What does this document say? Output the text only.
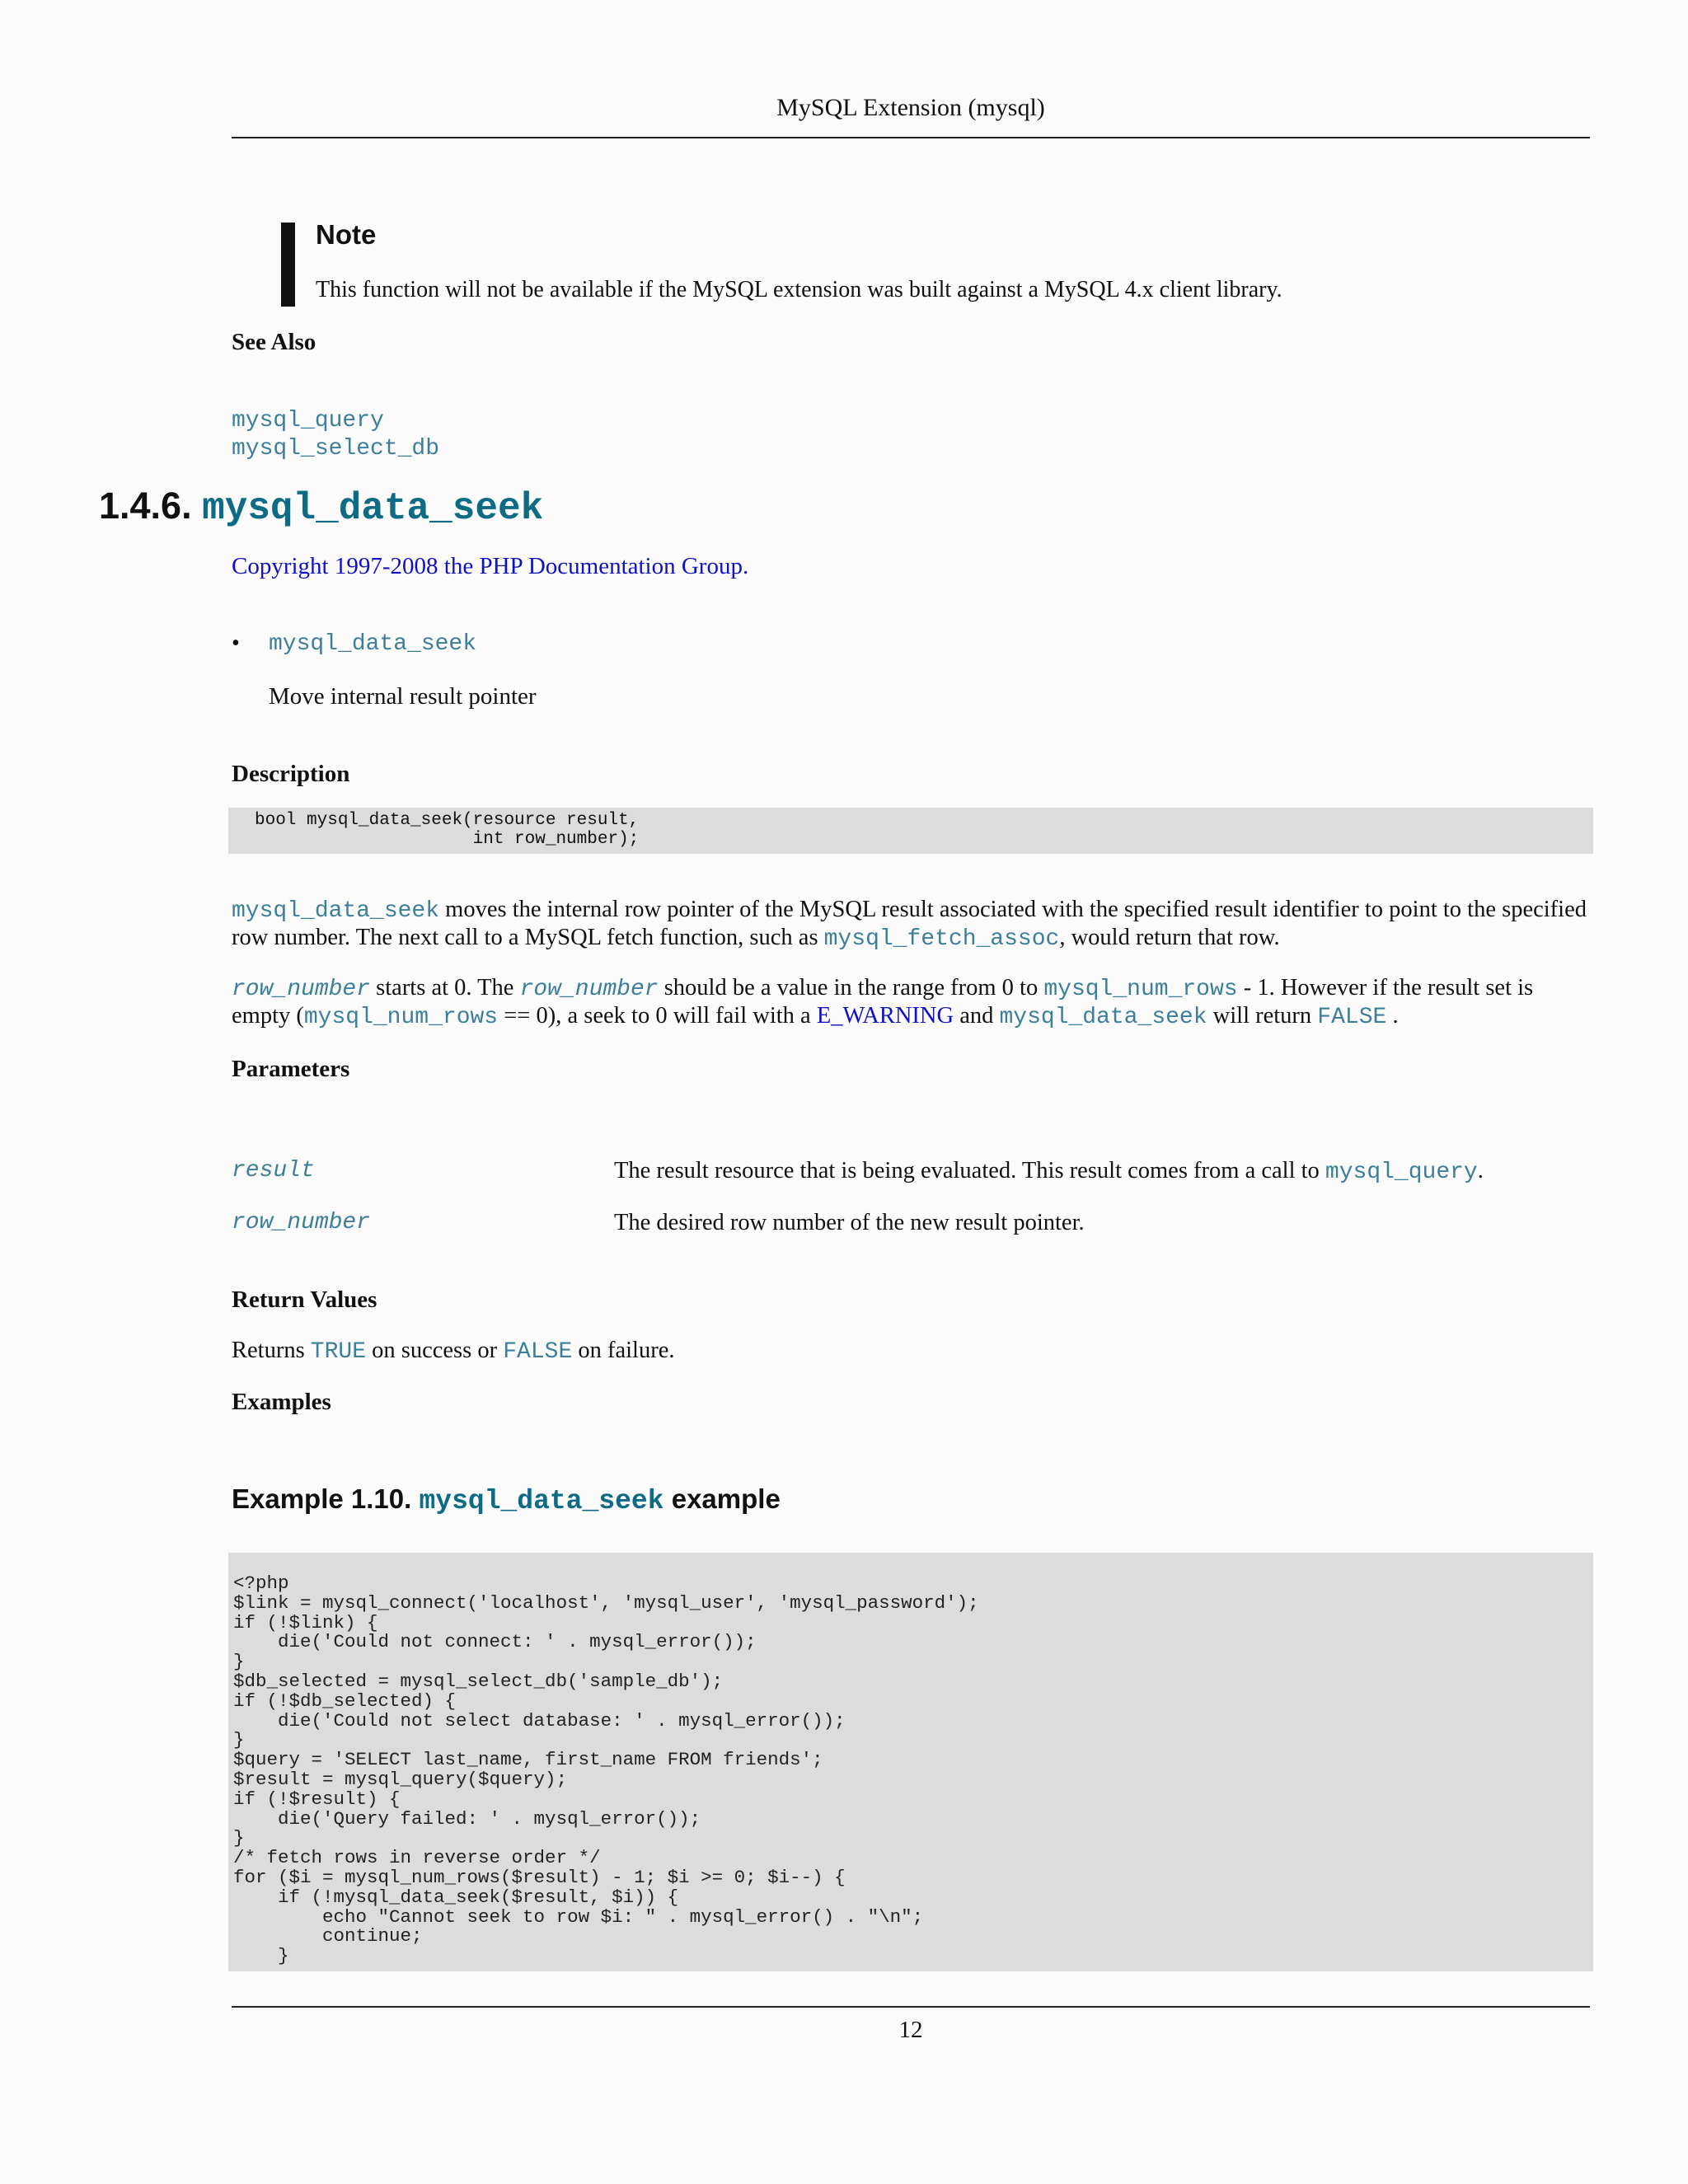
MySQL Extension (mysql)
Note
This function will not be available if the MySQL extension was built against a MySQL 4.x client library.
See Also
mysql_query
mysql_select_db
1.4.6. mysql_data_seek
Copyright 1997-2008 the PHP Documentation Group.
• mysql_data_seek
Move internal result pointer
Description
bool mysql_data_seek(resource result,
int row_number);
mysql_data_seek moves the internal row pointer of the MySQL result associated with the specified result identifier to point to the specified row number. The next call to a MySQL fetch function, such as mysql_fetch_assoc, would return that row.
row_number starts at 0. The row_number should be a value in the range from 0 to mysql_num_rows - 1. However if the result set is empty (mysql_num_rows == 0), a seek to 0 will fail with a E_WARNING and mysql_data_seek will return FALSE .
Parameters
result	The result resource that is being evaluated. This result comes from a call to mysql_query.
row_number	The desired row number of the new result pointer.
Return Values
Returns TRUE on success or FALSE on failure.
Examples
Example 1.10. mysql_data_seek example
<?php
$link = mysql_connect('localhost', 'mysql_user', 'mysql_password');
if (!$link) {
die('Could not connect: ' . mysql_error());
}
$db_selected = mysql_select_db('sample_db');
if (!$db_selected) {
die('Could not select database: ' . mysql_error());
}
$query = 'SELECT last_name, first_name FROM friends';
$result = mysql_query($query);
if (!$result) {
die('Query failed: ' . mysql_error());
}
/* fetch rows in reverse order */
for ($i = mysql_num_rows($result) - 1; $i >= 0; $i--) {
if (!mysql_data_seek($result, $i)) {
echo "Cannot seek to row $i: " . mysql_error() . "\n";
continue;
}
12
